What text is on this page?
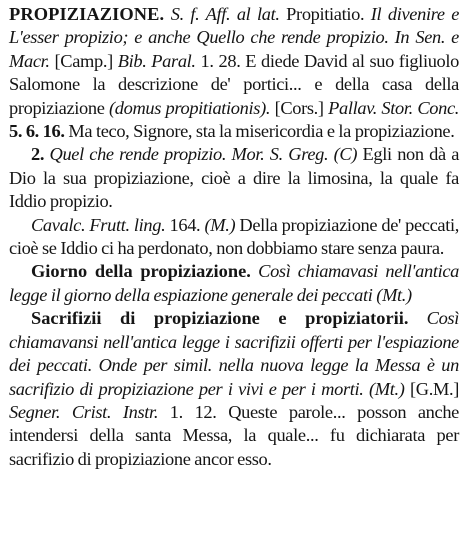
PROPIZIAZIONE. S. f. Aff. al lat. Propitiatio. Il divenire e L'esser propizio; e anche Quello che rende propizio. In Sen. e Macr. [Camp.] Bib. Paral. 1. 28. E diede David al suo figliuolo Salomone la descrizione de' portici... e della casa della propiziazione (domus propitiationis). [Cors.] Pallav. Stor. Conc. 5. 6. 16. Ma teco, Signore, sta la misericordia e la propiziazione.

2. Quel che rende propizio. Mor. S. Greg. (C) Egli non dà a Dio la sua propiziazione, cioè a dire la limosina, la quale fa Iddio propizio.

Cavalc. Frutt. ling. 164. (M.) Della propiziazione de' peccati, cioè se Iddio ci ha perdonato, non dobbiamo stare senza paura.

Giorno della propiziazione. Così chiamavasi nell'antica legge il giorno della espiazione generale dei peccati (Mt.)

Sacrifizii di propiziazione e propiziatorii. Così chiamavansi nell'antica legge i sacrifizii offerti per l'espiazione dei peccati. Onde per simil. nella nuova legge la Messa è un sacrifizio di propiziazione per i vivi e per i morti. (Mt.) [G.M.] Segner. Crist. Instr. 1. 12. Queste parole... posson anche intendersi della santa Messa, la quale... fu dichiarata per sacrifizio di propiziazione ancor esso.
